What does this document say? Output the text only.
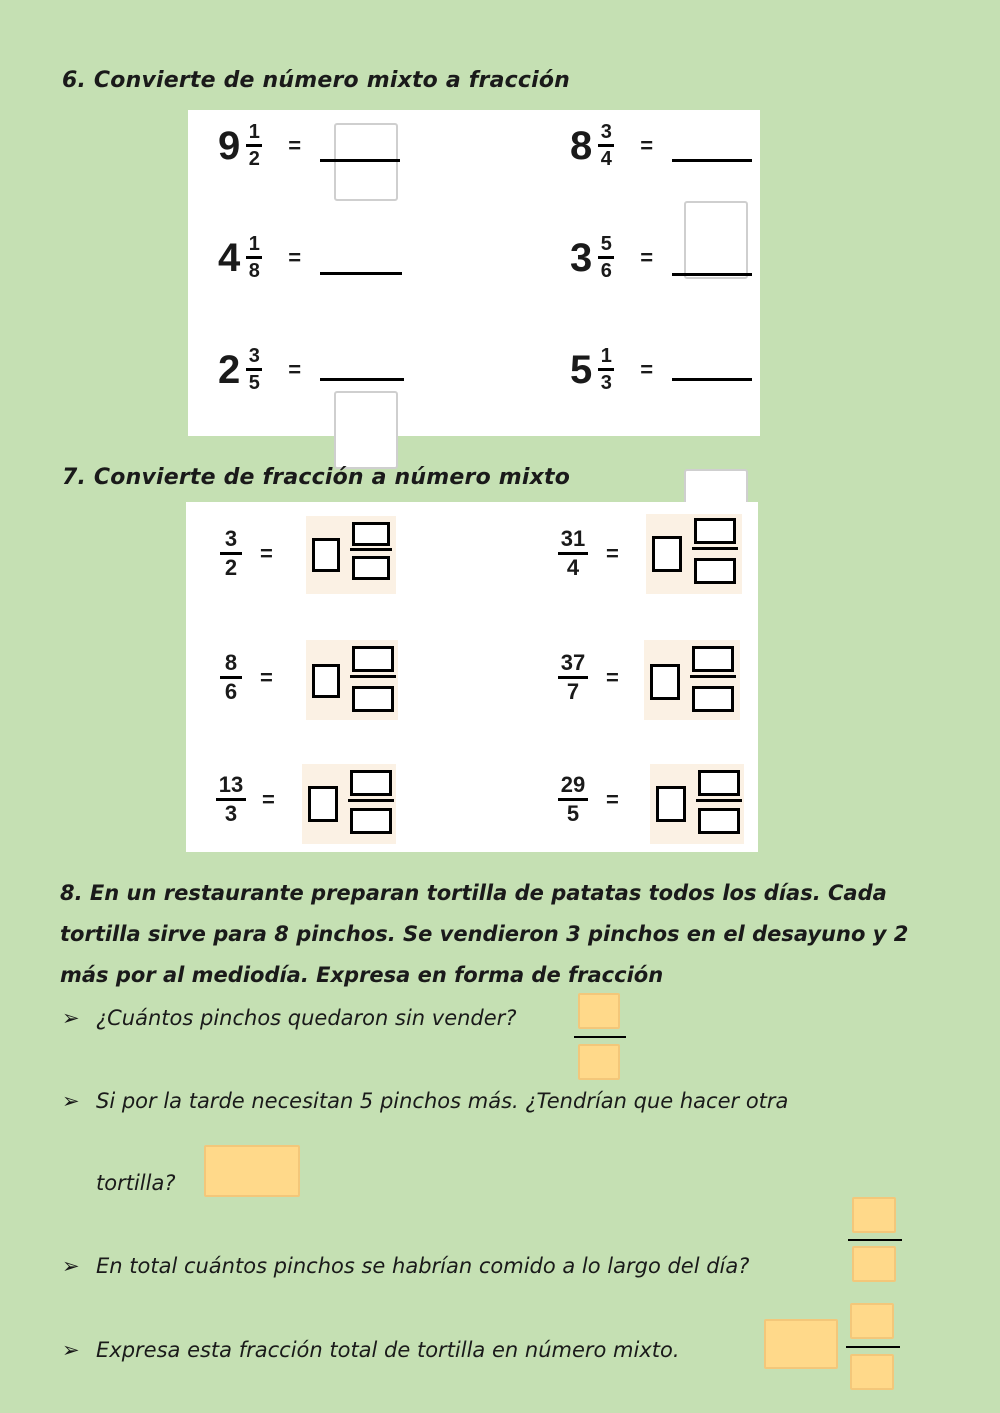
6. Convierte de número mixto a fracción
$9 \frac{1}{2}$ =	$8 \frac{3}{4}$ =
$4 \frac{1}{8}$ =	$3 \frac{5}{6}$ =
$2 \frac{3}{5}$ =	$5 \frac{1}{3}$ =
7. Convierte de fracción a número mixto
$\frac{3}{2}$ =	$\frac{31}{4}$ =
$\frac{8}{6}$ =	$\frac{37}{7}$ =
$\frac{13}{3}$ =	$\frac{29}{5}$ =
8. En un restaurante preparan tortilla de patatas todos los días. Cada tortilla sirve para 8 pinchos. Se vendieron 3 pinchos en el desayuno y 2 más por al mediodía. Expresa en forma de fracción
➢ ¿Cuántos pinchos quedaron sin vender?
➢ Si por la tarde necesitan 5 pinchos más. ¿Tendrían que hacer otra
tortilla?
➢ En total cuántos pinchos se habrían comido a lo largo del día?
➢ Expresa esta fracción total de tortilla en número mixto.
